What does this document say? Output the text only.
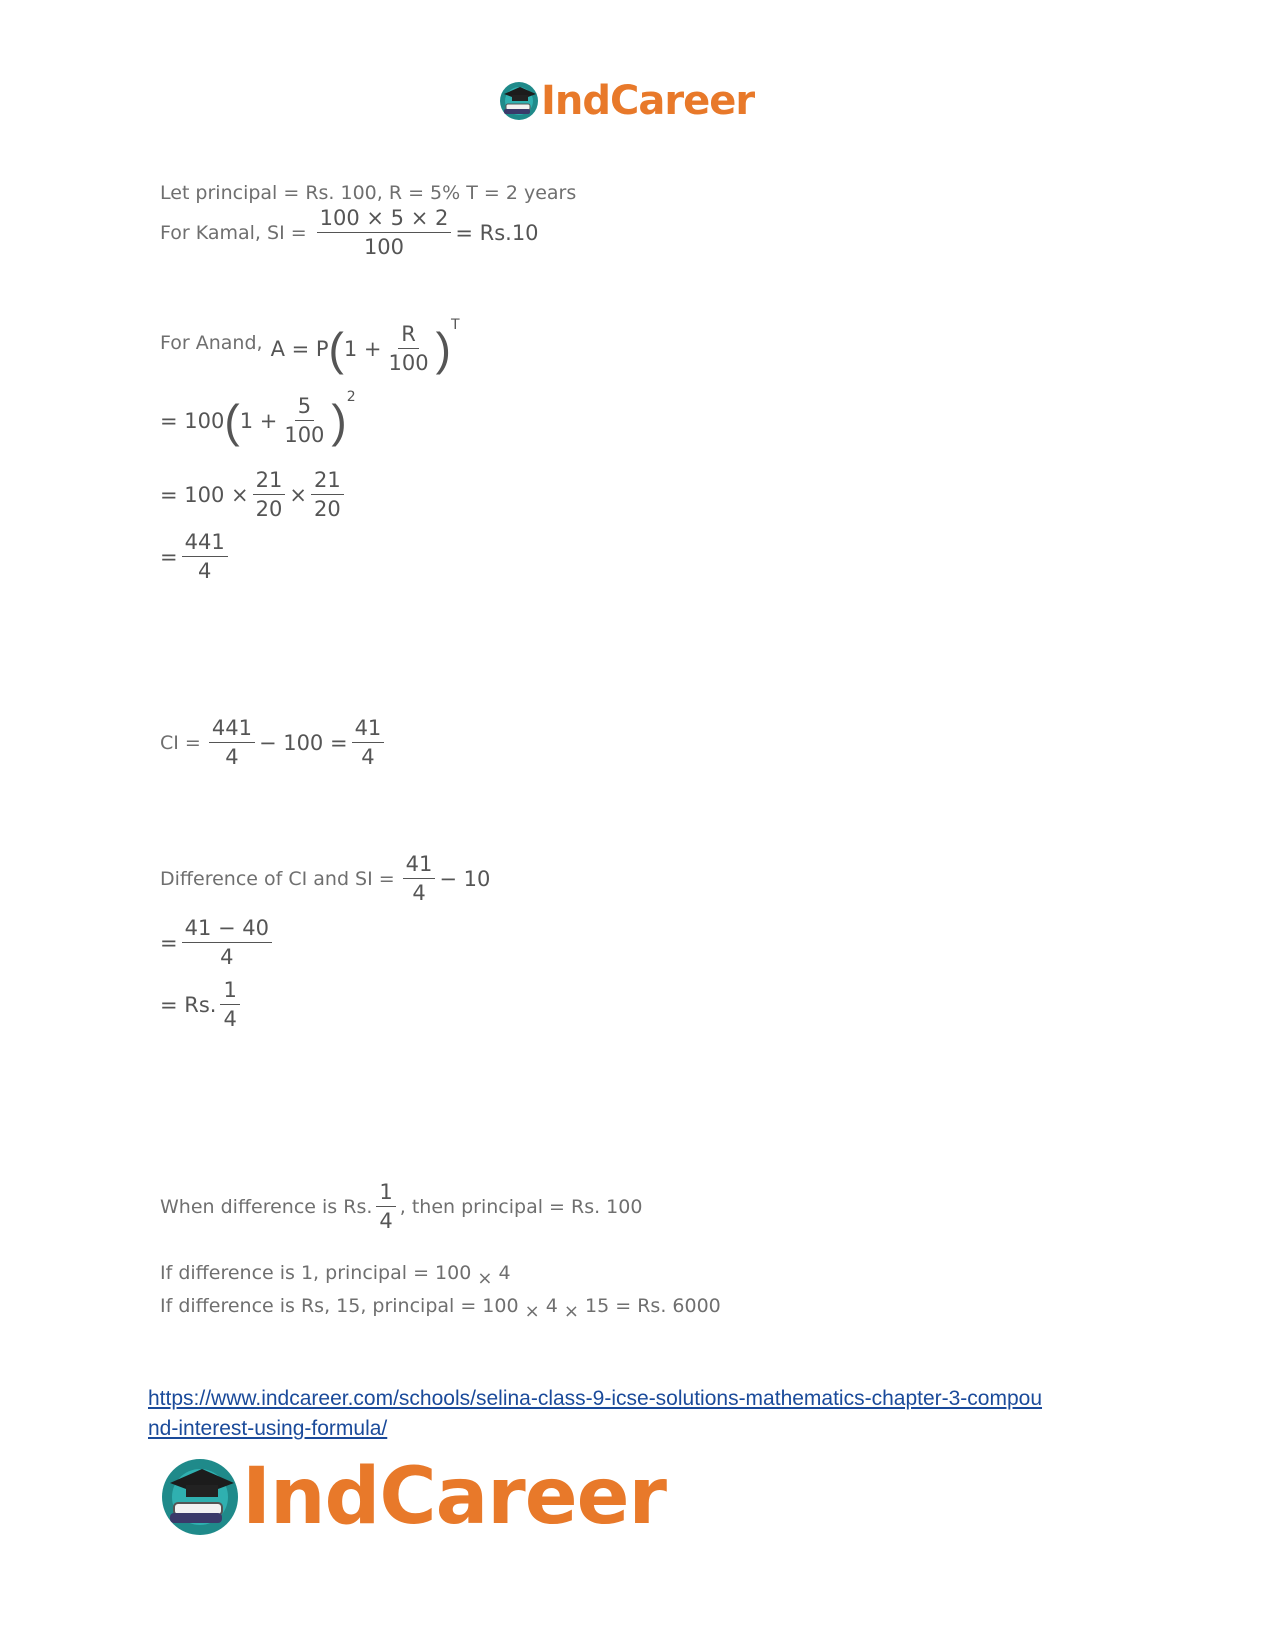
IndCareer
Let principal = Rs. 100, R = 5% T = 2 years
For Kamal, SI = $\frac{100 \times 5 \times 2}{100} = Rs.10$
For Anand, A = P ( $1 + \frac{R}{100} )^T$
= 100 ( $1 + \frac{5}{100} )^2$
= $100 \times \frac{21}{20} \times \frac{21}{20}$
= $\frac{441}{4}$
CI = $\frac{441}{4} - 100 = \frac{41}{4}$
Difference of CI and SI = $\frac{41}{4} - 10$
= $\frac{41 - 40}{4}$
= Rs. $\frac{1}{4}$
When difference is Rs. $\frac{1}{4}$ , then principal = Rs. 100
If difference is 1, principal = 100 × 4
If difference is Rs, 15, principal = 100 × 4 × 15 = Rs. 6000
https://www.indcareer.com/schools/selina-class-9-icse-solutions-mathematics-chapter-3-compou
nd-interest-using-formula/
IndCareer
